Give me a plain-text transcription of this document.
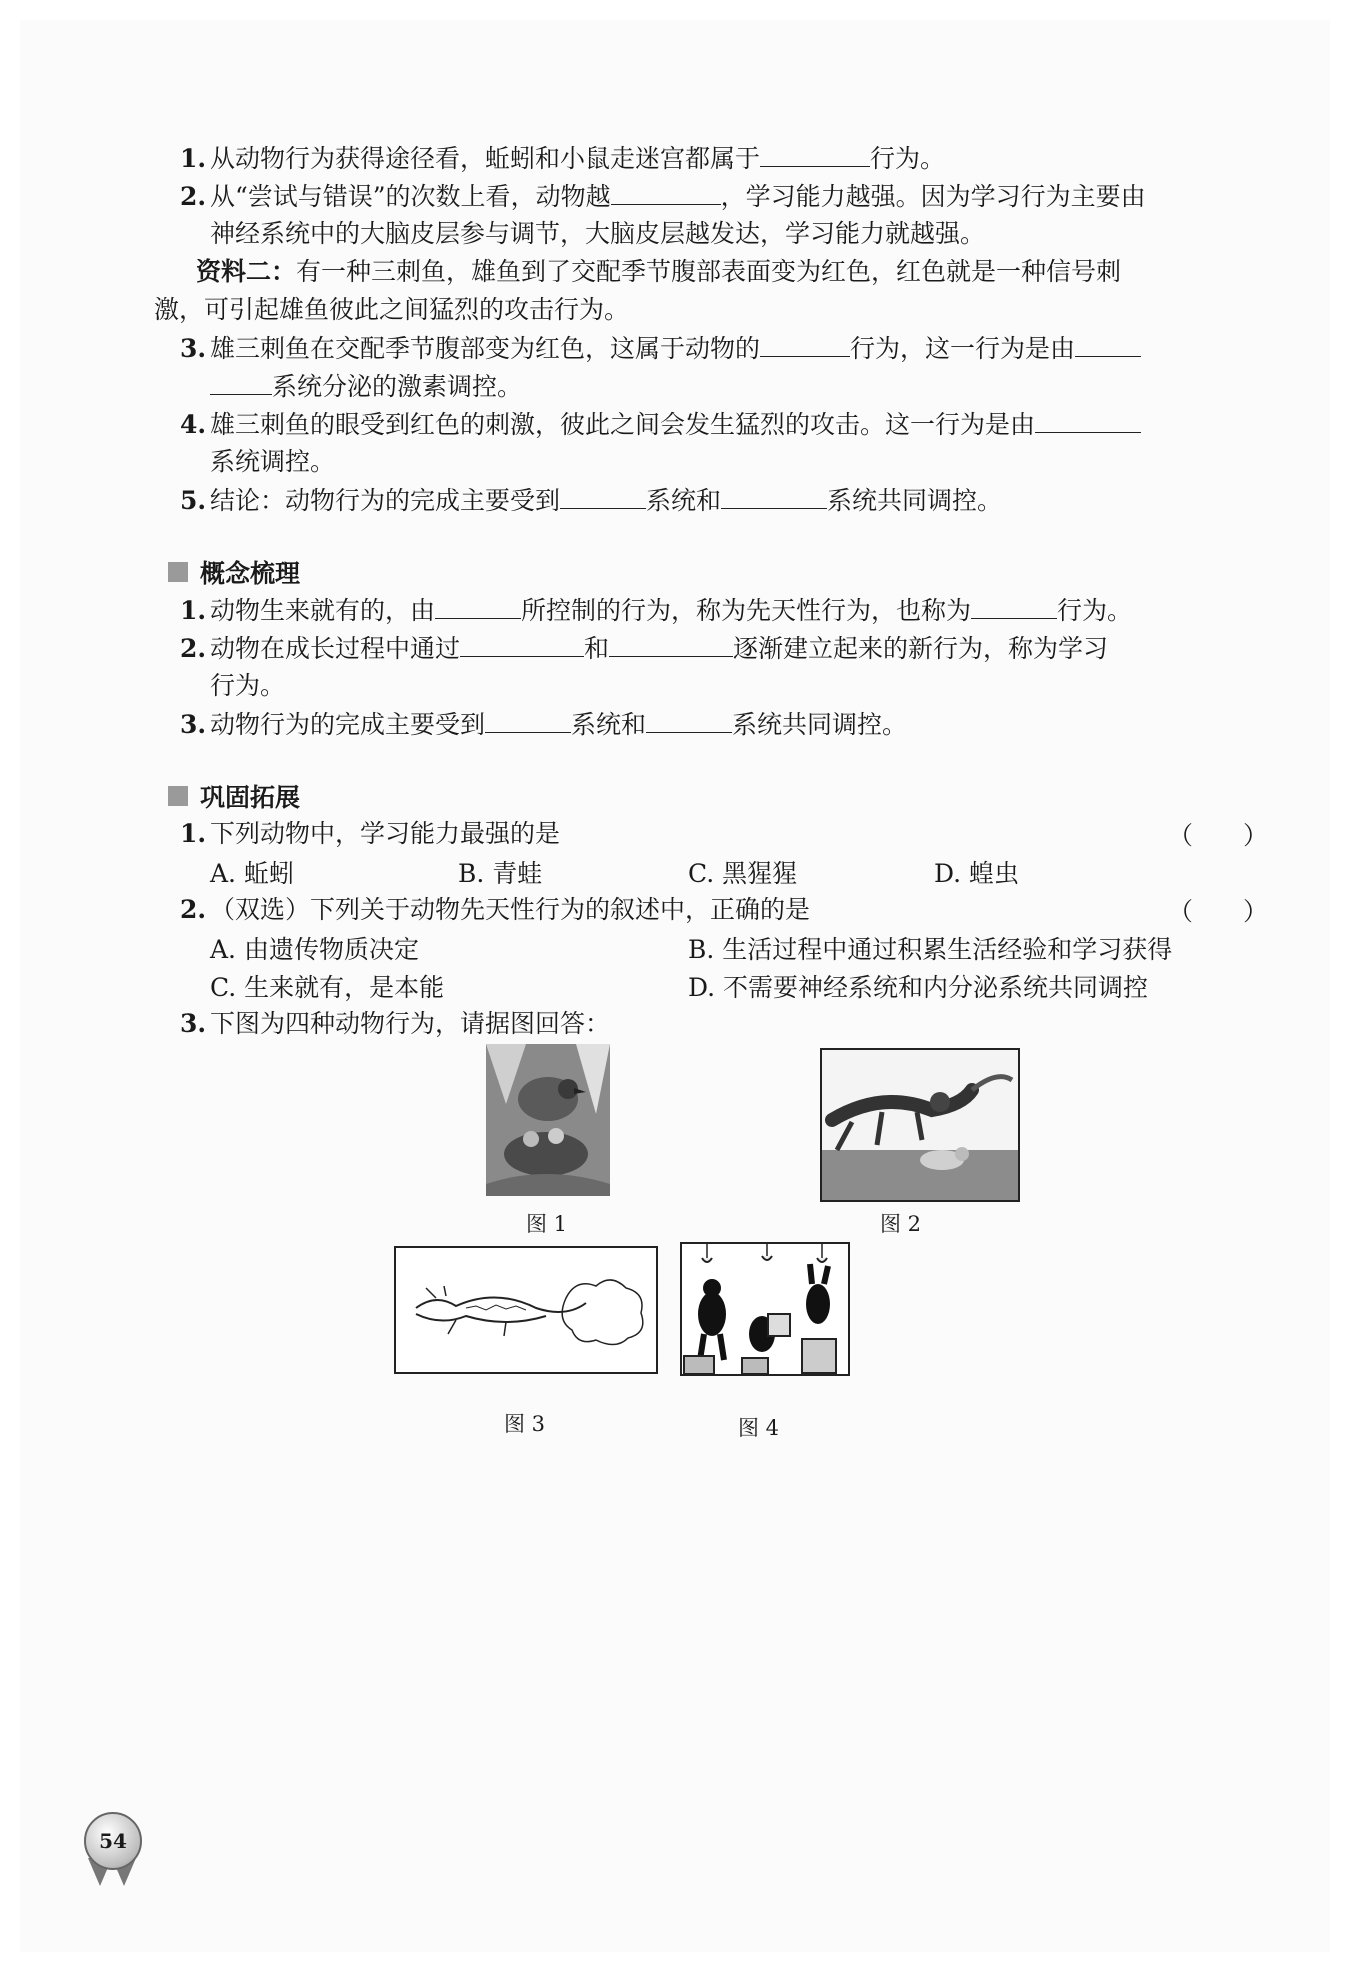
1. 从动物行为获得途径看，蚯蚓和小鼠走迷宫都属于	行为。
2. 从“尝试与错误”的次数上看，动物越	，学习能力越强。因为学习行为主要由
神经系统中的大脑皮层参与调节，大脑皮层越发达，学习能力就越强。
资料二：有一种三刺鱼，雄鱼到了交配季节腹部表面变为红色，红色就是一种信号刺
激，可引起雄鱼彼此之间猛烈的攻击行为。
3. 雄三刺鱼在交配季节腹部变为红色，这属于动物的	行为，这一行为是由
系统分泌的激素调控。
4. 雄三刺鱼的眼受到红色的刺激，彼此之间会发生猛烈的攻击。这一行为是由
系统调控。
5. 结论：动物行为的完成主要受到	系统和	系统共同调控。
概念梳理
1. 动物生来就有的，由	所控制的行为，称为先天性行为，也称为	行为。
2. 动物在成长过程中通过	和	逐渐建立起来的新行为，称为学习
行为。
3. 动物行为的完成主要受到	系统和	系统共同调控。
巩固拓展
1. 下列动物中，学习能力最强的是	（　　）
A. 蚯蚓	B. 青蛙	C. 黑猩猩	D. 蝗虫
2. （双选）下列关于动物先天性行为的叙述中，正确的是	（　　）
A. 由遗传物质决定	B. 生活过程中通过积累生活经验和学习获得
C. 生来就有，是本能	D. 不需要神经系统和内分泌系统共同调控
3. 下图为四种动物行为，请据图回答：
图 1	图 2
图 3	图 4
54
